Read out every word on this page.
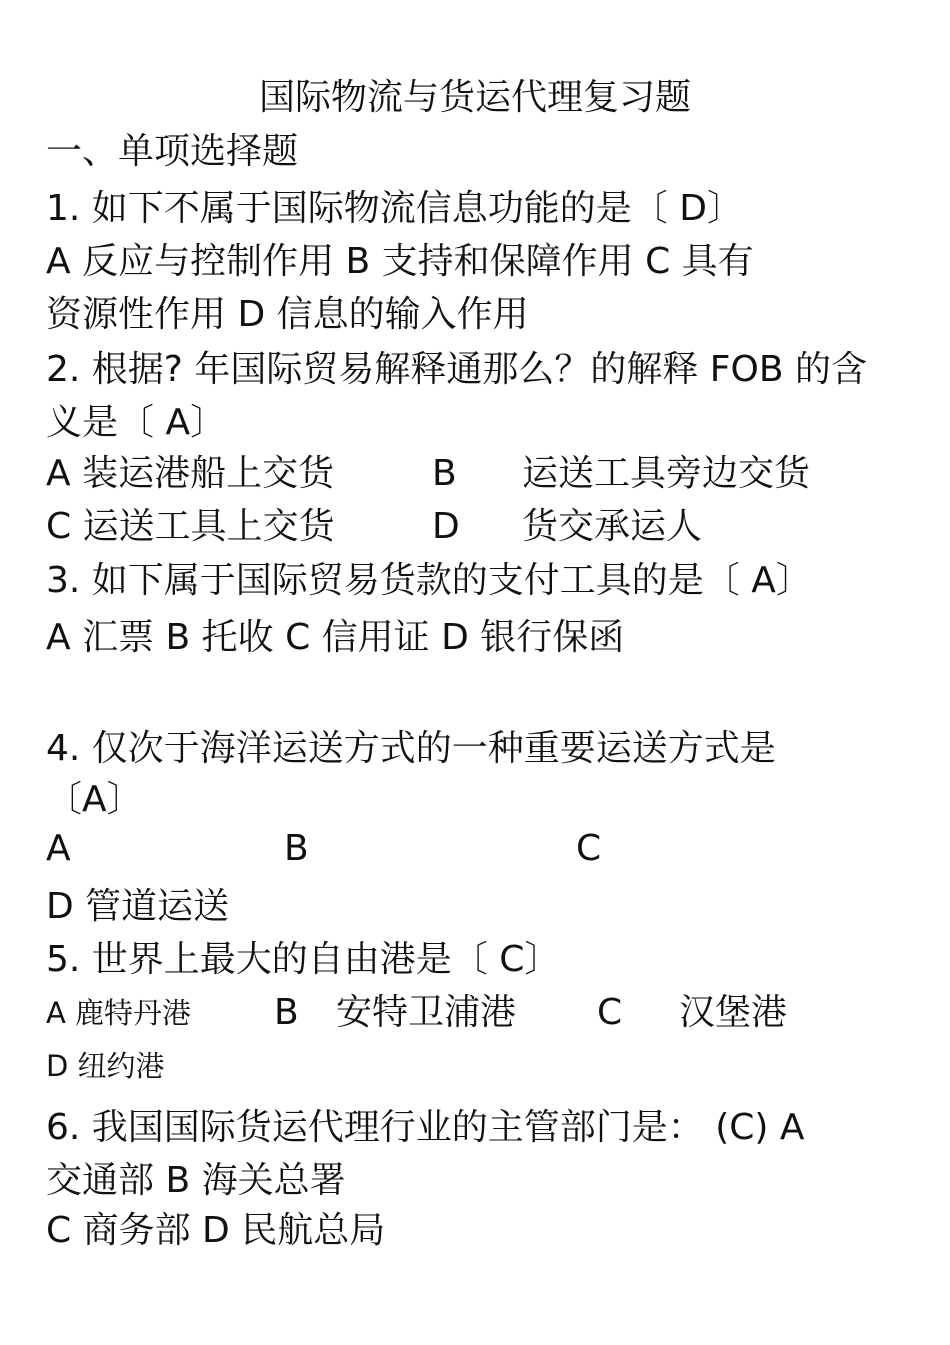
国际物流与货运代理复习题
一、单项选择题
1. 如下不属于国际物流信息功能的是〔 D〕
A 反应与控制作用 B 支持和保障作用 C 具有
资源性作用 D 信息的输入作用
2. 根据? 年国际贸易解释通那么？的解释 FOB 的含
义是〔 A〕
A 装运港船上交货	B 运送工具旁边交货
C 运送工具上交货	D 货交承运人
3. 如下属于国际贸易货款的支付工具的是〔 A〕
A 汇票 B 托收 C 信用证 D 银行保函
4. 仅次于海洋运送方式的一种重要运送方式是
〔A〕
A	B	C
D 管道运送
5. 世界上最大的自由港是〔 C〕
A 鹿特丹港 B 安特卫浦港 C 汉堡港
D 纽约港
6. 我国国际货运代理行业的主管部门是： (C) A
交通部 B 海关总署
C 商务部 D 民航总局
